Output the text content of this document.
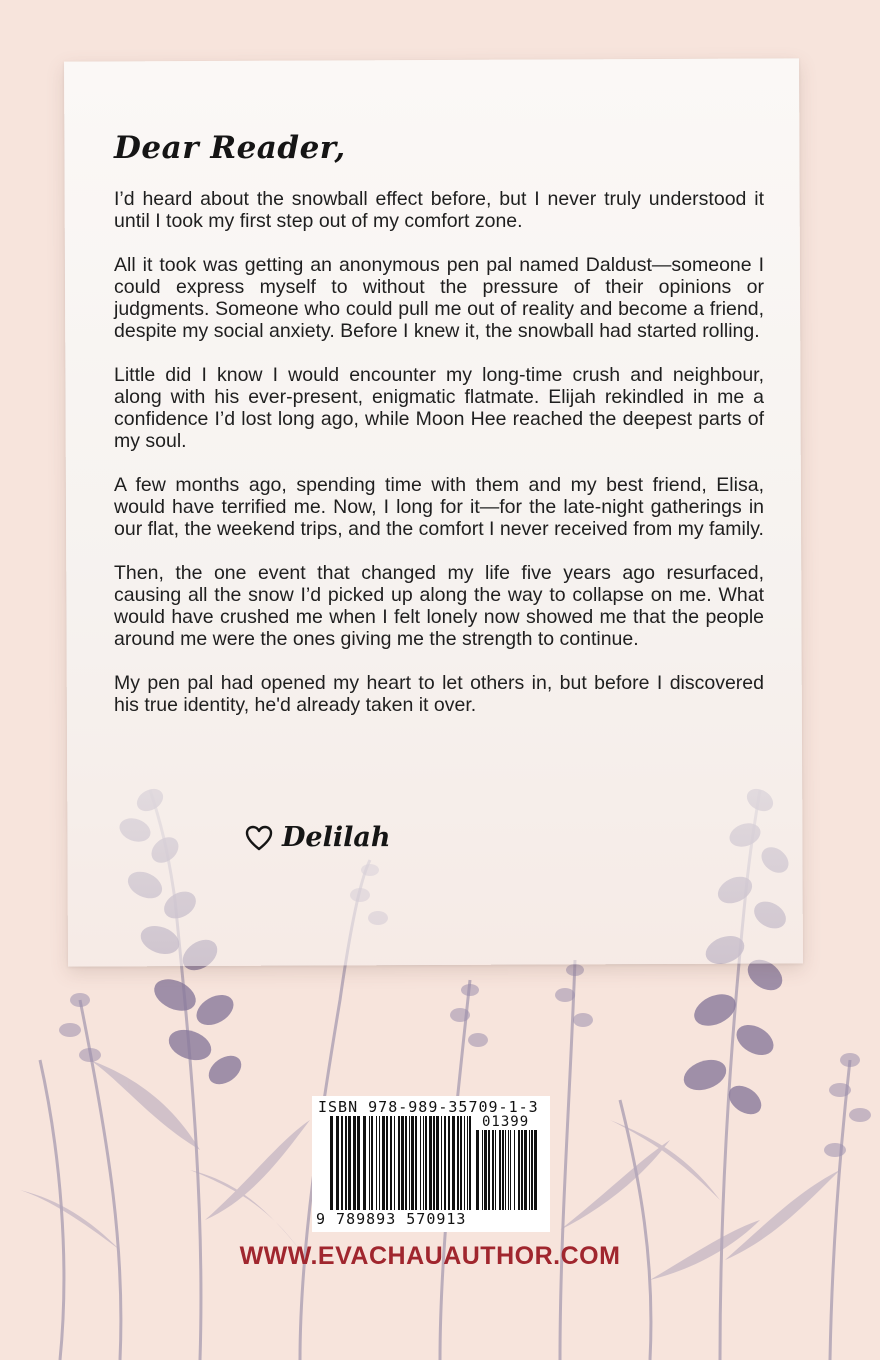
Dear Reader,

I’d heard about the snowball effect before, but I never truly understood it until I took my first step out of my comfort zone.

All it took was getting an anonymous pen pal named Daldust—someone I could express myself to without the pressure of their opinions or judgments. Someone who could pull me out of reality and become a friend, despite my social anxiety. Before I knew it, the snowball had started rolling.

Little did I know I would encounter my long-time crush and neighbour, along with his ever-present, enigmatic flatmate. Elijah rekindled in me a confidence I’d lost long ago, while Moon Hee reached the deepest parts of my soul.

A few months ago, spending time with them and my best friend, Elisa, would have terrified me. Now, I long for it—for the late-night gatherings in our flat, the weekend trips, and the comfort I never received from my family.

Then, the one event that changed my life five years ago resurfaced, causing all the snow I’d picked up along the way to collapse on me. What would have crushed me when I felt lonely now showed me that the people around me were the ones giving me the strength to continue.

My pen pal had opened my heart to let others in, but before I discovered his true identity, he'd already taken it over.

Delilah
ISBN 978-989-35709-1-3
01399
9 789893 570913
WWW.EVACHAUAUTHOR.COM
